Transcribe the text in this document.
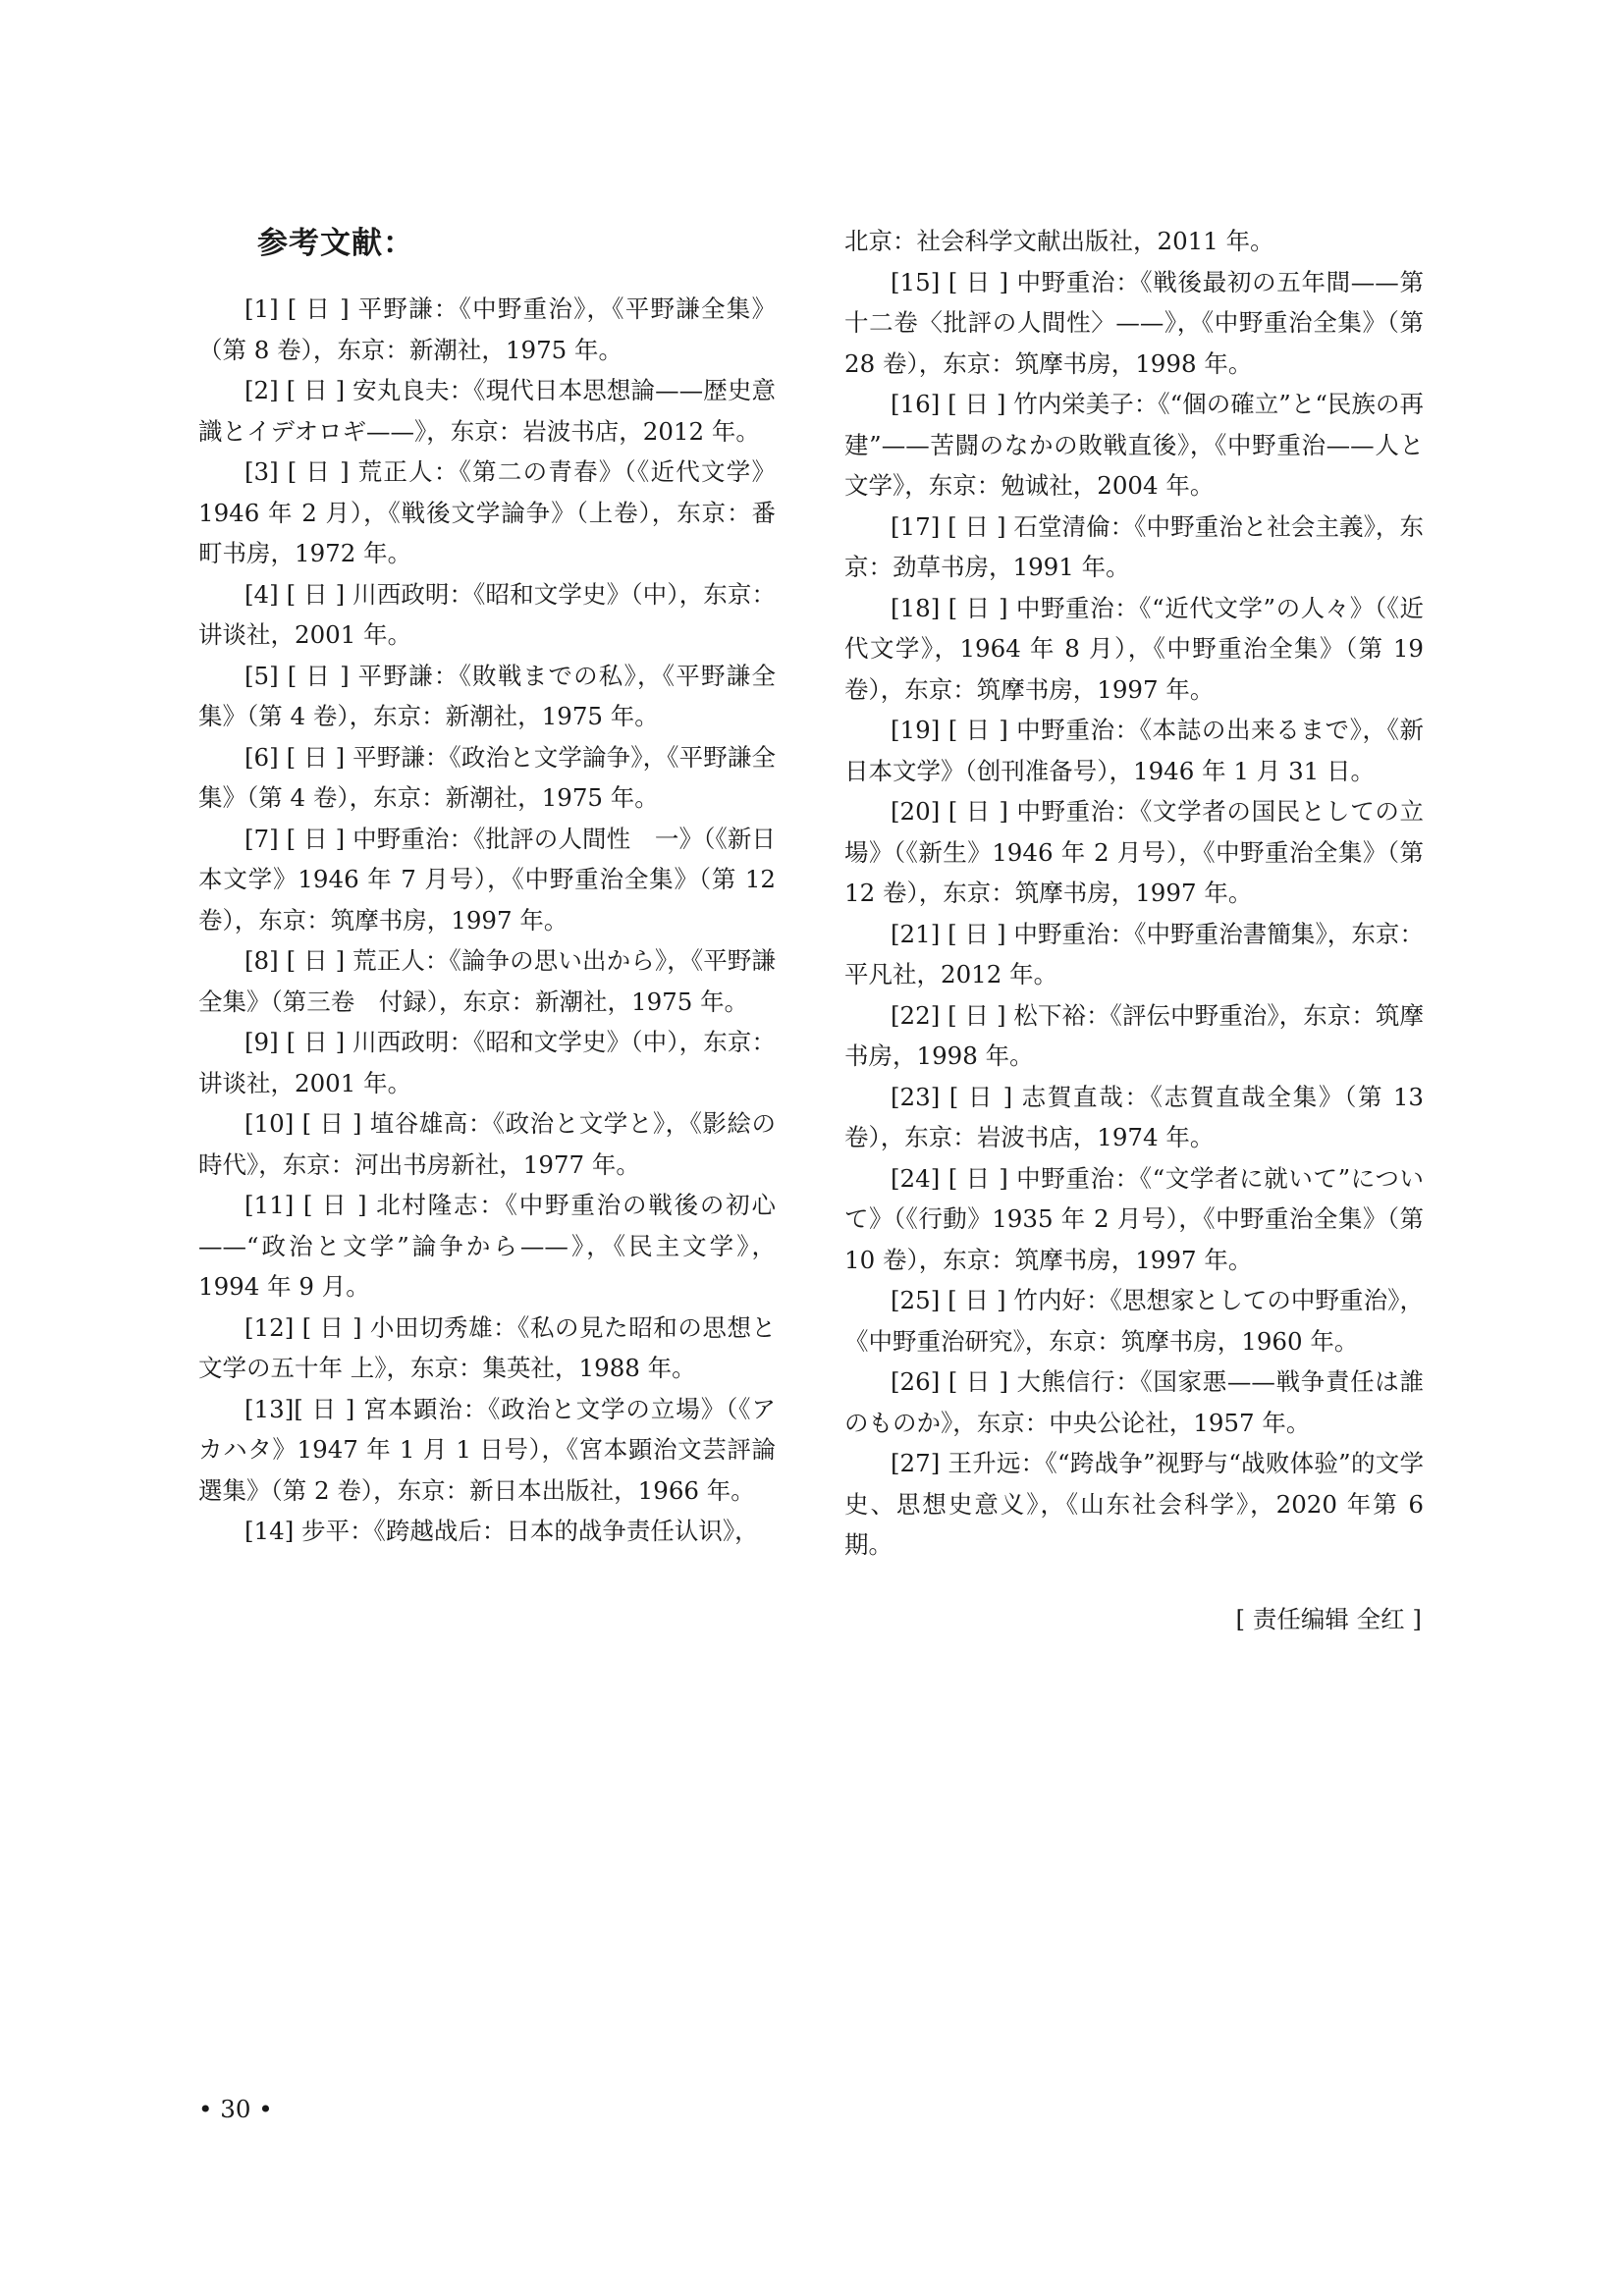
参考文献：

[1] [ 日 ] 平野謙：《中野重治》，《平野謙全集》（第 8 卷），东京：新潮社，1975 年。

[2] [ 日 ] 安丸良夫：《現代日本思想論——歴史意識とイデオロギ——》，东京：岩波书店，2012 年。

[3] [ 日 ] 荒正人：《第二の青春》（《近代文学》1946 年 2 月），《戦後文学論争》（上卷），东京：番町书房，1972 年。

[4] [ 日 ] 川西政明：《昭和文学史》（中），东京：讲谈社，2001 年。

[5] [ 日 ] 平野謙：《敗戦までの私》，《平野謙全集》（第 4 卷），东京：新潮社，1975 年。

[6] [ 日 ] 平野謙：《政治と文学論争》，《平野謙全集》（第 4 卷），东京：新潮社，1975 年。

[7] [ 日 ] 中野重治：《批評の人間性　一》（《新日本文学》1946 年 7 月号），《中野重治全集》（第 12 卷），东京：筑摩书房，1997 年。

[8] [ 日 ] 荒正人：《論争の思い出から》，《平野謙全集》（第三卷　付録），东京：新潮社，1975 年。

[9] [ 日 ] 川西政明：《昭和文学史》（中），东京：讲谈社，2001 年。

[10] [ 日 ] 埴谷雄高：《政治と文学と》，《影絵の時代》，东京：河出书房新社，1977 年。

[11] [ 日 ] 北村隆志：《中野重治の戦後の初心——“政治と文学”論争から——》，《民主文学》，1994 年 9 月。

[12] [ 日 ] 小田切秀雄：《私の見た昭和の思想と文学の五十年 上》，东京：集英社，1988 年。

[13][ 日 ] 宮本顕治：《政治と文学の立場》（《アカハタ》1947 年 1 月 1 日号），《宮本顕治文芸評論選集》（第 2 卷），东京：新日本出版社，1966 年。

[14] 步平：《跨越战后：日本的战争责任认识》，

北京：社会科学文献出版社，2011 年。

[15] [ 日 ] 中野重治：《戦後最初の五年間——第十二卷〈批評の人間性〉——》，《中野重治全集》（第 28 卷），东京：筑摩书房，1998 年。

[16] [ 日 ] 竹内栄美子：《“個の確立”と“民族の再建”——苦闘のなかの敗戦直後》，《中野重治——人と文学》，东京：勉诚社，2004 年。

[17] [ 日 ] 石堂清倫：《中野重治と社会主義》，东京：劲草书房，1991 年。

[18] [ 日 ] 中野重治：《“近代文学”の人々》（《近代文学》，1964 年 8 月），《中野重治全集》（第 19 卷），东京：筑摩书房，1997 年。

[19] [ 日 ] 中野重治：《本誌の出来るまで》，《新日本文学》（创刊准备号），1946 年 1 月 31 日。

[20] [ 日 ] 中野重治：《文学者の国民としての立場》（《新生》1946 年 2 月号），《中野重治全集》（第 12 卷），东京：筑摩书房，1997 年。

[21] [ 日 ] 中野重治：《中野重治書簡集》，东京：平凡社，2012 年。

[22] [ 日 ] 松下裕：《評伝中野重治》，东京：筑摩书房，1998 年。

[23] [ 日 ] 志賀直哉：《志賀直哉全集》（第 13 卷），东京：岩波书店，1974 年。

[24] [ 日 ] 中野重治：《“文学者に就いて”について》（《行動》1935 年 2 月号），《中野重治全集》（第 10 卷），东京：筑摩书房，1997 年。

[25] [ 日 ] 竹内好：《思想家としての中野重治》，《中野重治研究》，东京：筑摩书房，1960 年。

[26] [ 日 ] 大熊信行：《国家悪——戦争責任は誰のものか》，东京：中央公论社，1957 年。

[27] 王升远：《“跨战争”视野与“战败体验”的文学史、思想史意义》，《山东社会科学》，2020 年第 6 期。

[ 责任编辑 全红 ]

• 30 •
